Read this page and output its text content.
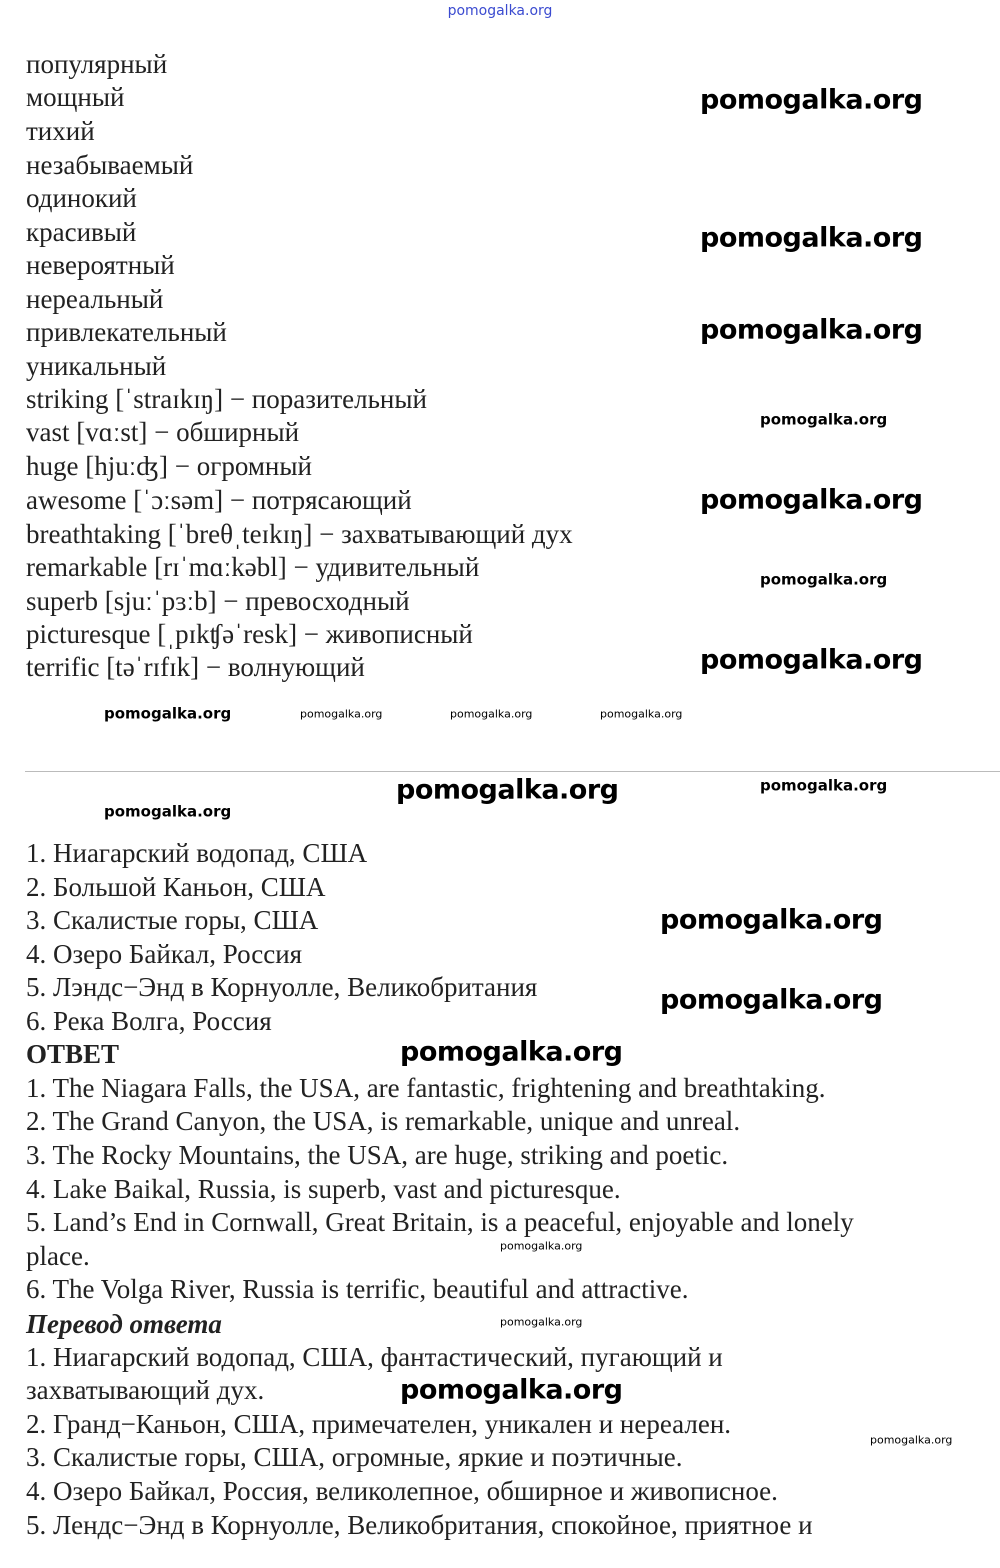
pomogalka.org
популярный
мощный
тихий
незабываемый
одинокий
красивый
невероятный
нереальный
привлекательный
уникальный
striking [ˈstraɪkɪŋ] − поразительный
vast [vɑːst] − обширный
huge [hjuːʤ] − огромный
awesome [ˈɔːsəm] − потрясающий
breathtaking [ˈbreθˌteɪkɪŋ] − захватывающий дух
remarkable [rɪˈmɑːkəbl] − удивительный
superb [sjuːˈpɜːb] − превосходный
picturesque [ˌpɪkʧəˈresk] − живописный
terrific [təˈrɪfɪk] − волнующий
1. Ниагарский водопад, США
2. Большой Каньон, США
3. Скалистые горы, США
4. Озеро Байкал, Россия
5. Лэндс−Энд в Корнуолле, Великобритания
6. Река Волга, Россия
ОТВЕТ
1. The Niagara Falls, the USA, are fantastic, frightening and breathtaking.
2. The Grand Canyon, the USA, is remarkable, unique and unreal.
3. The Rocky Mountains, the USA, are huge, striking and poetic.
4. Lake Baikal, Russia, is superb, vast and picturesque.
5. Land’s End in Cornwall, Great Britain, is a peaceful, enjoyable and lonely
place.
6. The Volga River, Russia is terrific, beautiful and attractive.
Перевод ответа
1. Ниагарский водопад, США, фантастический, пугающий и
захватывающий дух.
2. Гранд−Каньон, США, примечателен, уникален и нереален.
3. Скалистые горы, США, огромные, яркие и поэтичные.
4. Озеро Байкал, Россия, великолепное, обширное и живописное.
5. Лендс−Энд в Корнуолле, Великобритания, спокойное, приятное и
pomogalka.org
pomogalka.org
pomogalka.org
pomogalka.org
pomogalka.org
pomogalka.org
pomogalka.org
pomogalka.org
pomogalka.org
pomogalka.org
pomogalka.org
pomogalka.org
pomogalka.org
pomogalka.org
pomogalka.org
pomogalka.org	pomogalka.org	pomogalka.org
pomogalka.org
pomogalka.org
pomogalka.org
